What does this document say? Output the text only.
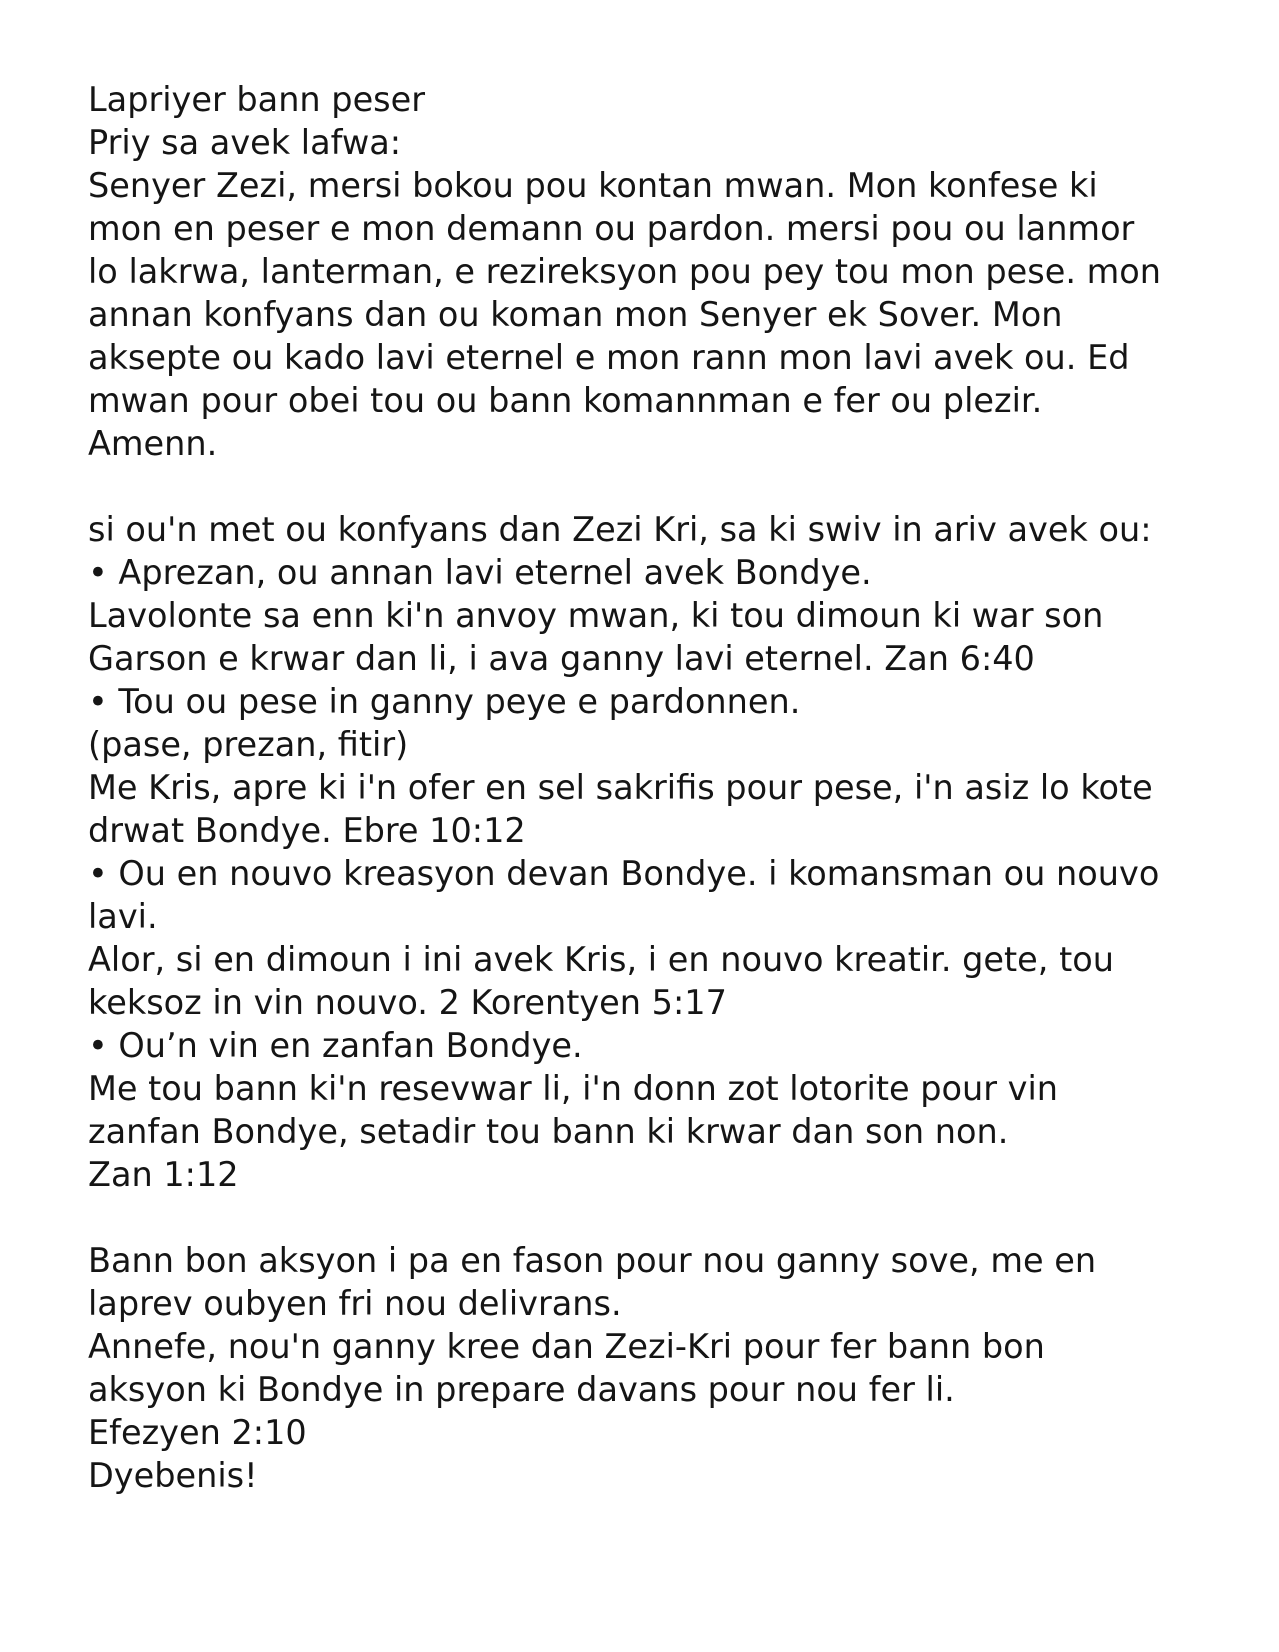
Lapriyer bann peser
Priy sa avek lafwa:
Senyer Zezi, mersi bokou pou kontan mwan. Mon konfese ki
mon en peser e mon demann ou pardon. mersi pou ou lanmor
lo lakrwa, lanterman, e rezireksyon pou pey tou mon pese. mon
annan konfyans dan ou koman mon Senyer ek Sover. Mon
aksepte ou kado lavi eternel e mon rann mon lavi avek ou. Ed
mwan pour obei tou ou bann komannman e fer ou plezir.
Amenn.
si ou'n met ou konfyans dan Zezi Kri, sa ki swiv in ariv avek ou:
• Aprezan, ou annan lavi eternel avek Bondye.
Lavolonte sa enn ki'n anvoy mwan, ki tou dimoun ki war son
Garson e krwar dan li, i ava ganny lavi eternel. Zan 6:40
• Tou ou pese in ganny peye e pardonnen.
(pase, prezan, fitir)
Me Kris, apre ki i'n ofer en sel sakrifis pour pese, i'n asiz lo kote
drwat Bondye. Ebre 10:12
• Ou en nouvo kreasyon devan Bondye. i komansman ou nouvo
lavi.
Alor, si en dimoun i ini avek Kris, i en nouvo kreatir. gete, tou
keksoz in vin nouvo. 2 Korentyen 5:17
• Ou’n vin en zanfan Bondye.
Me tou bann ki'n resevwar li, i'n donn zot lotorite pour vin
zanfan Bondye, setadir tou bann ki krwar dan son non.
Zan 1:12
Bann bon aksyon i pa en fason pour nou ganny sove, me en
laprev oubyen fri nou delivrans.
Annefe, nou'n ganny kree dan Zezi-Kri pour fer bann bon
aksyon ki Bondye in prepare davans pour nou fer li.
Efezyen 2:10
Dyebenis!
